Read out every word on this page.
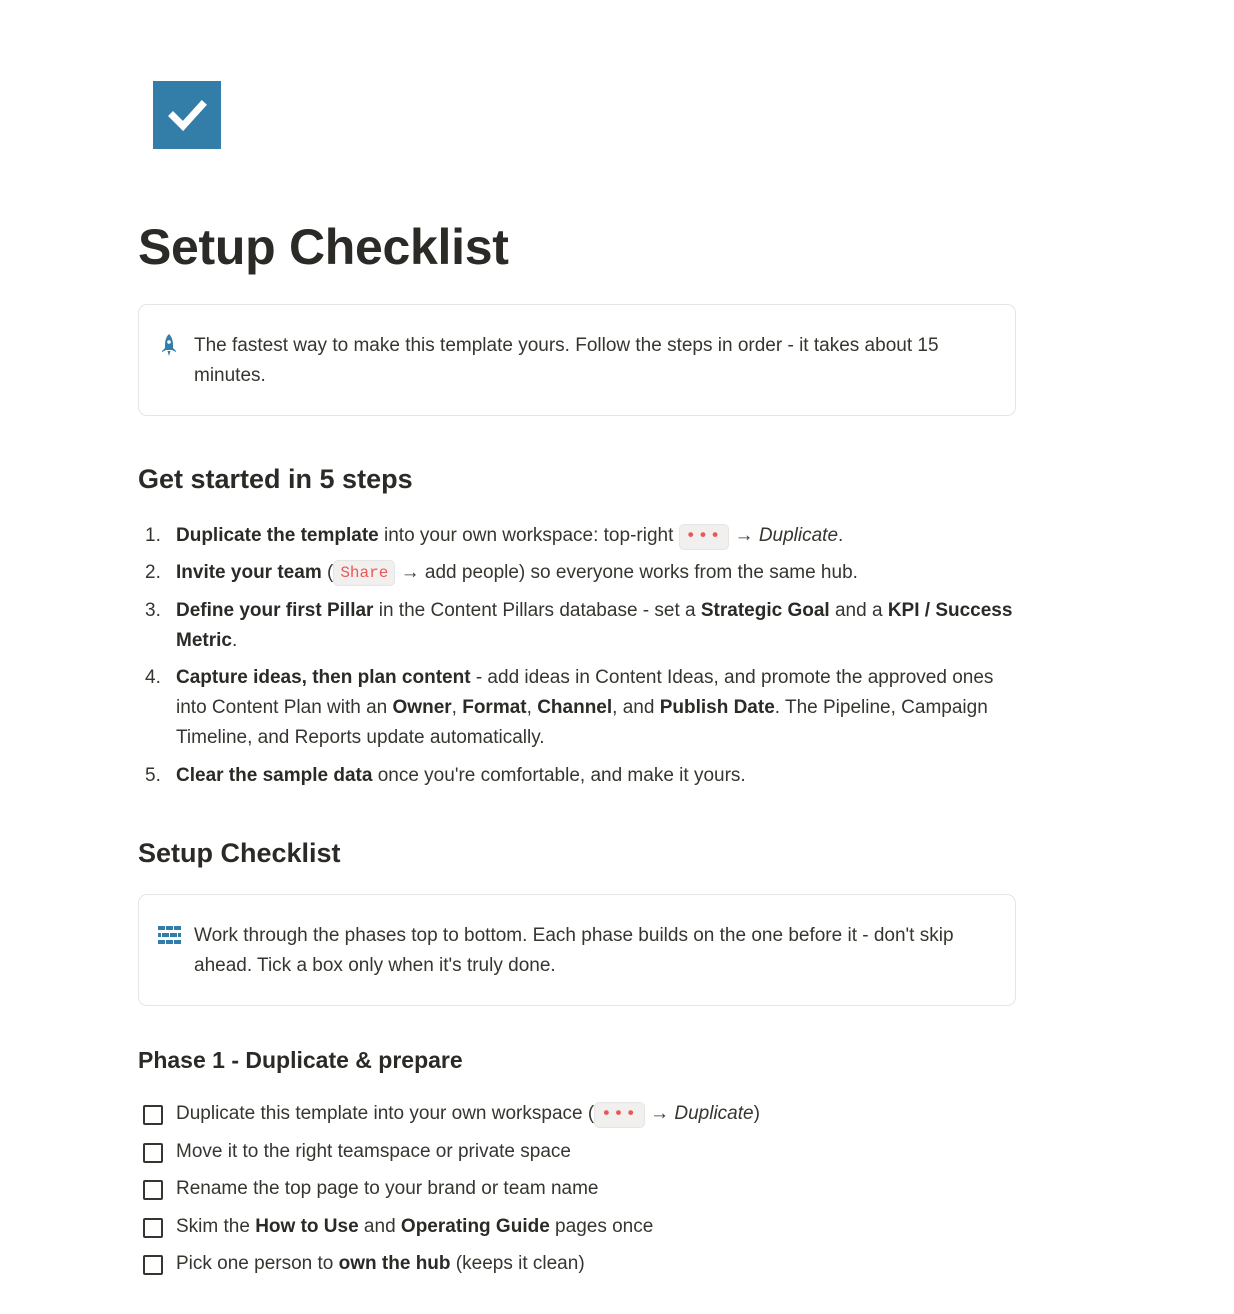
Setup Checklist
The fastest way to make this template yours. Follow the steps in order - it takes about 15 minutes.
Get started in 5 steps
1. Duplicate the template into your own workspace: top-right ••• → Duplicate.
2. Invite your team ( Share → add people) so everyone works from the same hub.
3. Define your first Pillar in the Content Pillars database - set a Strategic Goal and a KPI / Success Metric.
4. Capture ideas, then plan content - add ideas in Content Ideas, and promote the approved ones into Content Plan with an Owner, Format, Channel, and Publish Date. The Pipeline, Campaign Timeline, and Reports update automatically.
5. Clear the sample data once you're comfortable, and make it yours.
Setup Checklist
Work through the phases top to bottom. Each phase builds on the one before it - don't skip ahead. Tick a box only when it's truly done.
Phase 1 - Duplicate & prepare
Duplicate this template into your own workspace ( ••• → Duplicate)
Move it to the right teamspace or private space
Rename the top page to your brand or team name
Skim the How to Use and Operating Guide pages once
Pick one person to own the hub (keeps it clean)
